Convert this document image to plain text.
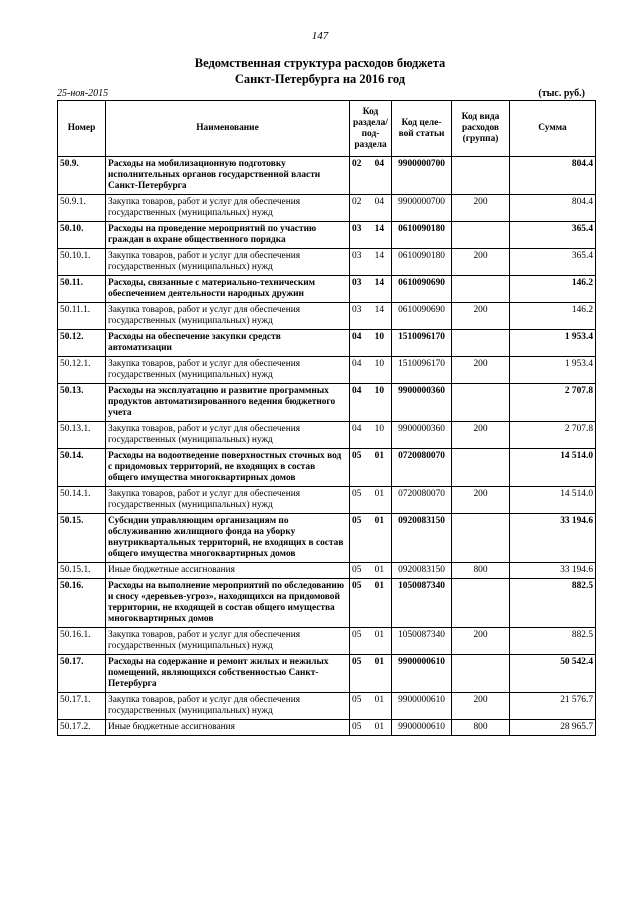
147
Ведомственная структура расходов бюджета
Санкт-Петербурга на 2016 год
25-ноя-2015	(тыс. руб.)
Номер	Наименование	Код раздела/ под-раздела	Код целе-вой статьи	Код вида расходов (группа)	Сумма
50.9.	Расходы на мобилизационную подготовку исполнительных органов государственной власти Санкт-Петербурга	02 04	9900000700		804.4
50.9.1.	Закупка товаров, работ и услуг для обеспечения государственных (муниципальных) нужд	02 04	9900000700	200	804.4
50.10.	Расходы на проведение мероприятий по участию граждан в охране общественного порядка	03 14	0610090180		365.4
50.10.1.	Закупка товаров, работ и услуг для обеспечения государственных (муниципальных) нужд	03 14	0610090180	200	365.4
50.11.	Расходы, связанные с материально-техническим обеспечением деятельности народных дружин	03 14	0610090690		146.2
50.11.1.	Закупка товаров, работ и услуг для обеспечения государственных (муниципальных) нужд	03 14	0610090690	200	146.2
50.12.	Расходы на обеспечение закупки средств автоматизации	04 10	1510096170		1 953.4
50.12.1.	Закупка товаров, работ и услуг для обеспечения государственных (муниципальных) нужд	04 10	1510096170	200	1 953.4
50.13.	Расходы на эксплуатацию и развитие программных продуктов автоматизированного ведения бюджетного учета	04 10	9900000360		2 707.8
50.13.1.	Закупка товаров, работ и услуг для обеспечения государственных (муниципальных) нужд	04 10	9900000360	200	2 707.8
50.14.	Расходы на водоотведение поверхностных сточных вод с придомовых территорий, не входящих в состав общего имущества многоквартирных домов	05 01	0720080070		14 514.0
50.14.1.	Закупка товаров, работ и услуг для обеспечения государственных (муниципальных) нужд	05 01	0720080070	200	14 514.0
50.15.	Субсидии управляющим организациям по обслуживанию жилищного фонда на уборку внутриквартальных территорий, не входящих в состав общего имущества многоквартирных домов	05 01	0920083150		33 194.6
50.15.1.	Иные бюджетные ассигнования	05 01	0920083150	800	33 194.6
50.16.	Расходы на выполнение мероприятий по обследованию и сносу «деревьев-угроз», находящихся на придомовой территории, не входящей в состав общего имущества многоквартирных домов	05 01	1050087340		882.5
50.16.1.	Закупка товаров, работ и услуг для обеспечения государственных (муниципальных) нужд	05 01	1050087340	200	882.5
50.17.	Расходы на содержание и ремонт жилых и нежилых помещений, являющихся собственностью Санкт-Петербурга	05 01	9900000610		50 542.4
50.17.1.	Закупка товаров, работ и услуг для обеспечения государственных (муниципальных) нужд	05 01	9900000610	200	21 576.7
50.17.2.	Иные бюджетные ассигнования	05 01	9900000610	800	28 965.7
